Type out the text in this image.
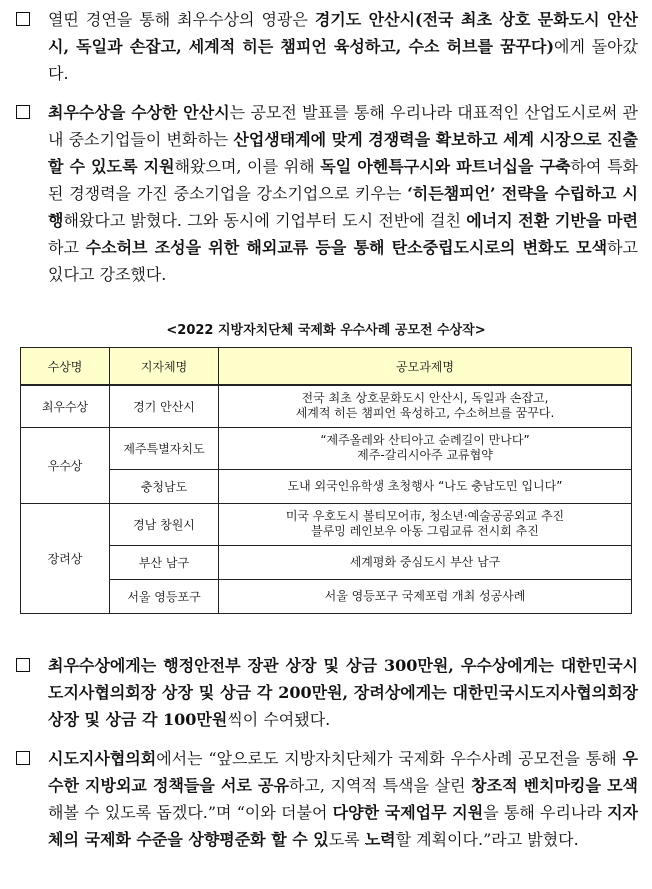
열띤 경연을 통해 최우수상의 영광은 경기도 안산시(전국 최초 상호 문화도시 안산시, 독일과 손잡고, 세계적 히든 챔피언 육성하고, 수소 허브를 꿈꾸다)에게 돌아갔다.
최우수상을 수상한 안산시는 공모전 발표를 통해 우리나라 대표적인 산업도시로써 관내 중소기업들이 변화하는 산업생태계에 맞게 경쟁력을 확보하고 세계 시장으로 진출할 수 있도록 지원해왔으며, 이를 위해 독일 아헨특구시와 파트너십을 구축하여 특화된 경쟁력을 가진 중소기업을 강소기업으로 키우는 ‘히든챔피언’ 전략을 수립하고 시행해왔다고 밝혔다. 그와 동시에 기업부터 도시 전반에 걸친 에너지 전환 기반을 마련하고 수소허브 조성을 위한 해외교류 등을 통해 탄소중립도시로의 변화도 모색하고 있다고 강조했다.
<2022 지방자치단체 국제화 우수사례 공모전 수상작>
수상명	지자체명	공모과제명
최우수상	경기 안산시	전국 최초 상호문화도시 안산시, 독일과 손잡고,
세계적 히든 챔피언 육성하고, 수소허브를 꿈꾸다.

우수상	제주특별자치도	“제주올레와 산티아고 순례길이 만나다”
제주-갈리시아주 교류협약

	충청남도	도내 외국인유학생 초청행사 “나도 충남도민 입니다”

장려상	경남 창원시	미국 우호도시 볼티모어市, 청소년·예술공공외교 추진
블루밍 레인보우 아동 그림교류 전시회 추진

	부산 남구	세계평화 중심도시 부산 남구

	서울 영등포구	서울 영등포구 국제포럼 개최 성공사례
최우수상에게는 행정안전부 장관 상장 및 상금 300만원, 우수상에게는 대한민국시도지사협의회장 상장 및 상금 각 200만원, 장려상에게는 대한민국시도지사협의회장 상장 및 상금 각 100만원씩이 수여됐다.
시도지사협의회에서는 “앞으로도 지방자치단체가 국제화 우수사례 공모전을 통해 우수한 지방외교 정책들을 서로 공유하고, 지역적 특색을 살린 창조적 벤치마킹을 모색해볼 수 있도록 돕겠다.”며 “이와 더불어 다양한 국제업무 지원을 통해 우리나라 지자체의 국제화 수준을 상향평준화 할 수 있도록 노력할 계획이다.”라고 밝혔다.
